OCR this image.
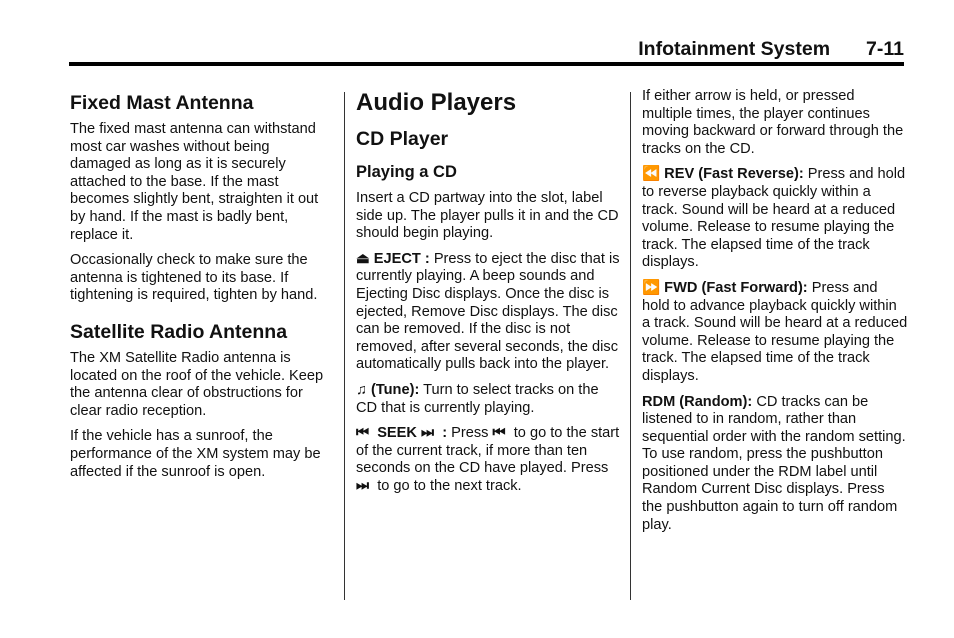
Infotainment System 7-11
Fixed Mast Antenna

The fixed mast antenna can withstand most car washes without being damaged as long as it is securely attached to the base. If the mast becomes slightly bent, straighten it out by hand. If the mast is badly bent, replace it.

Occasionally check to make sure the antenna is tightened to its base. If tightening is required, tighten by hand.

Satellite Radio Antenna

The XM Satellite Radio antenna is located on the roof of the vehicle. Keep the antenna clear of obstructions for clear radio reception.

If the vehicle has a sunroof, the performance of the XM system may be affected if the sunroof is open.

Audio Players
CD Player
Playing a CD

Insert a CD partway into the slot, label side up. The player pulls it in and the CD should begin playing.

⏏ EJECT : Press to eject the disc that is currently playing. A beep sounds and Ejecting Disc displays. Once the disc is ejected, Remove Disc displays. The disc can be removed. If the disc is not removed, after several seconds, the disc automatically pulls back into the player.

♫ (Tune): Turn to select tracks on the CD that is currently playing.

⏮ SEEK ⏭ : Press ⏮ to go to the start of the current track, if more than ten seconds on the CD have played. Press ⏭ to go to the next track.

If either arrow is held, or pressed multiple times, the player continues moving backward or forward through the tracks on the CD.

⏪ REV (Fast Reverse): Press and hold to reverse playback quickly within a track. Sound will be heard at a reduced volume. Release to resume playing the track. The elapsed time of the track displays.

⏩ FWD (Fast Forward): Press and hold to advance playback quickly within a track. Sound will be heard at a reduced volume. Release to resume playing the track. The elapsed time of the track displays.

RDM (Random): CD tracks can be listened to in random, rather than sequential order with the random setting. To use random, press the pushbutton positioned under the RDM label until Random Current Disc displays. Press the pushbutton again to turn off random play.
